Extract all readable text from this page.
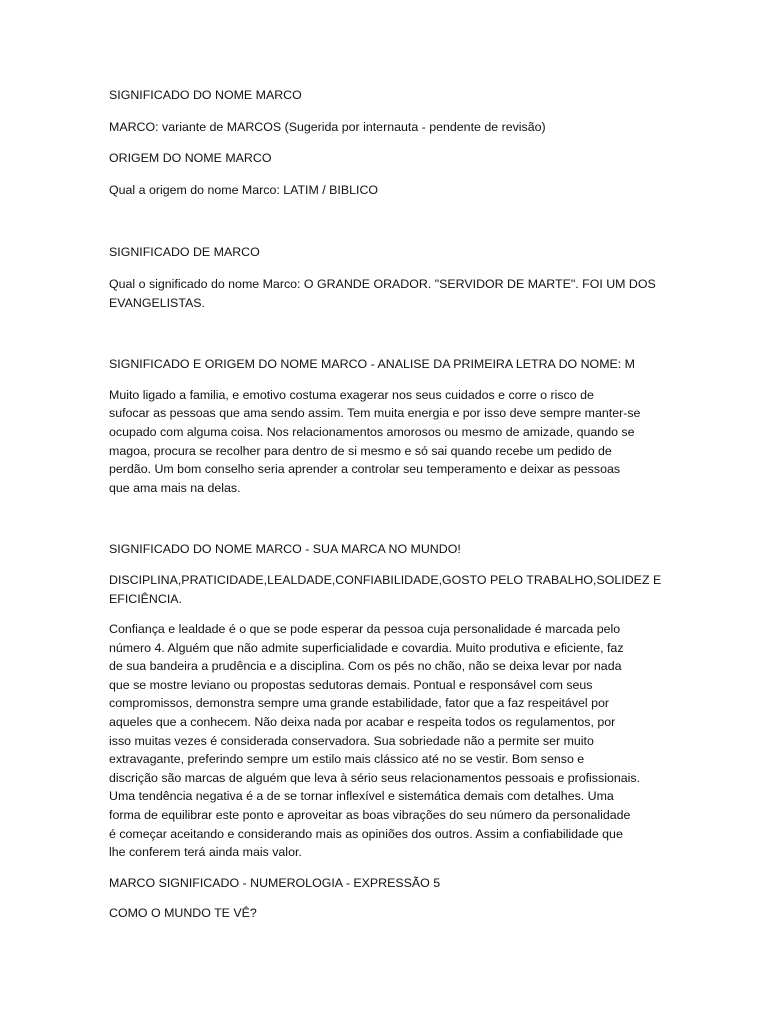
SIGNIFICADO DO NOME MARCO
MARCO: variante de MARCOS (Sugerida por internauta - pendente de revisão)
ORIGEM DO NOME MARCO
Qual a origem do nome Marco: LATIM / BIBLICO
SIGNIFICADO DE MARCO
Qual o significado do nome Marco: O GRANDE ORADOR. "SERVIDOR DE MARTE". FOI UM DOS
EVANGELISTAS.
SIGNIFICADO E ORIGEM DO NOME MARCO - ANALISE DA PRIMEIRA LETRA DO NOME: M
Muito ligado a familia, e emotivo costuma exagerar nos seus cuidados e corre o risco de
sufocar as pessoas que ama sendo assim. Tem muita energia e por isso deve sempre manter-se
ocupado com alguma coisa. Nos relacionamentos amorosos ou mesmo de amizade, quando se
magoa, procura se recolher para dentro de si mesmo e só sai quando recebe um pedido de
perdão. Um bom conselho seria aprender a controlar seu temperamento e deixar as pessoas
que ama mais na delas.
SIGNIFICADO DO NOME MARCO - SUA MARCA NO MUNDO!
DISCIPLINA,PRATICIDADE,LEALDADE,CONFIABILIDADE,GOSTO PELO TRABALHO,SOLIDEZ E
EFICIÊNCIA.
Confiança e lealdade é o que se pode esperar da pessoa cuja personalidade é marcada pelo
número 4. Alguém que não admite superficialidade e covardia. Muito produtiva e eficiente, faz
de sua bandeira a prudência e a disciplina. Com os pés no chão, não se deixa levar por nada
que se mostre leviano ou propostas sedutoras demais. Pontual e responsável com seus
compromissos, demonstra sempre uma grande estabilidade, fator que a faz respeitável por
aqueles que a conhecem. Não deixa nada por acabar e respeita todos os regulamentos, por
isso muitas vezes é considerada conservadora. Sua sobriedade não a permite ser muito
extravagante, preferindo sempre um estilo mais clássico até no se vestir. Bom senso e
discrição são marcas de alguém que leva à sério seus relacionamentos pessoais e profissionais.
Uma tendência negativa é a de se tornar inflexível e sistemática demais com detalhes. Uma
forma de equilibrar este ponto e aproveitar as boas vibrações do seu número da personalidade
é começar aceitando e considerando mais as opiniões dos outros. Assim a confiabilidade que
lhe conferem terá ainda mais valor.
MARCO SIGNIFICADO - NUMEROLOGIA - EXPRESSÃO 5
COMO O MUNDO TE VÊ?
